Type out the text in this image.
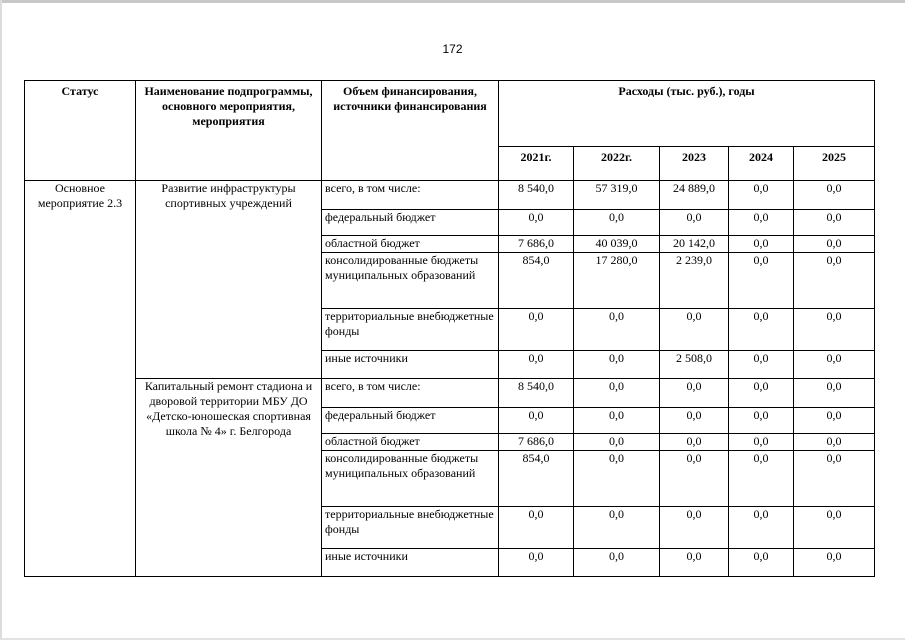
172
Статус	Наименование подпрограммы, основного мероприятия, мероприятия	Объем финансирования, источники финансирования	Расходы (тыс. руб.), годы				
			2021г.	2022г.	2023	2024	2025
Основное мероприятие 2.3	Развитие инфраструктуры спортивных учреждений	всего, в том числе:	8 540,0	57 319,0	24 889,0	0,0	0,0
		федеральный бюджет	0,0	0,0	0,0	0,0	0,0
		областной бюджет	7 686,0	40 039,0	20 142,0	0,0	0,0
		консолидированные бюджеты муниципальных образований	854,0	17 280,0	2 239,0	0,0	0,0
		территориальные внебюджетные фонды	0,0	0,0	0,0	0,0	0,0
		иные источники	0,0	0,0	2 508,0	0,0	0,0
	Капитальный ремонт стадиона и дворовой территории МБУ ДО «Детско-юношеская спортивная школа № 4» г. Белгорода	всего, в том числе:	8 540,0	0,0	0,0	0,0	0,0
		федеральный бюджет	0,0	0,0	0,0	0,0	0,0
		областной бюджет	7 686,0	0,0	0,0	0,0	0,0
		консолидированные бюджеты муниципальных образований	854,0	0,0	0,0	0,0	0,0
		территориальные внебюджетные фонды	0,0	0,0	0,0	0,0	0,0
		иные источники	0,0	0,0	0,0	0,0	0,0
